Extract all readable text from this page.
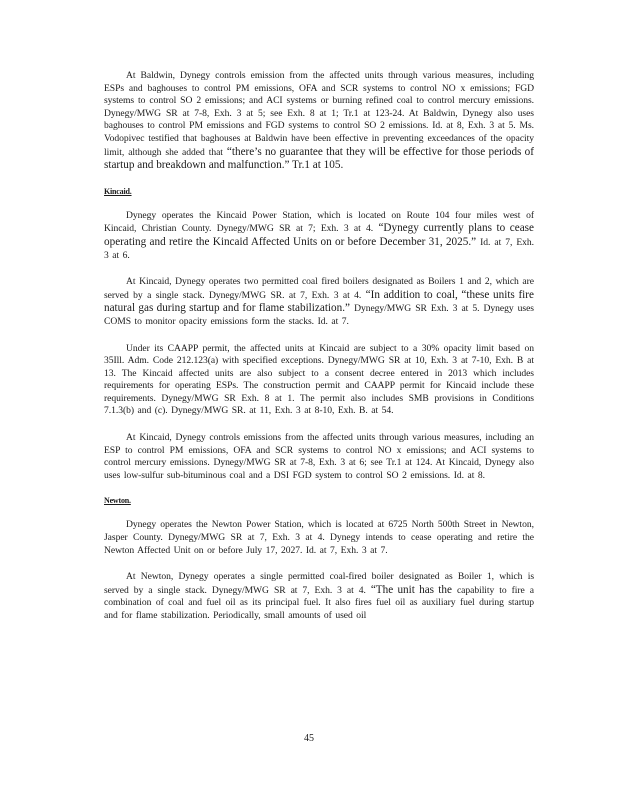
At Baldwin, Dynegy controls emission from the affected units through various measures, including ESPs and baghouses to control PM emissions, OFA and SCR systems to control NO x emissions; FGD systems to control SO 2 emissions; and ACI systems or burning refined coal to control mercury emissions. Dynegy/MWG SR at 7-8, Exh. 3 at 5; see Exh. 8 at 1; Tr.1 at 123-24. At Baldwin, Dynegy also uses baghouses to control PM emissions and FGD systems to control SO 2 emissions. Id. at 8, Exh. 3 at 5. Ms. Vodopivec testified that baghouses at Baldwin have been effective in preventing exceedances of the opacity limit, although she added that “there’s no guarantee that they will be effective for those periods of startup and breakdown and malfunction.” Tr.1 at 105.

Kincaid.

Dynegy operates the Kincaid Power Station, which is located on Route 104 four miles west of Kincaid, Christian County. Dynegy/MWG SR at 7; Exh. 3 at 4. “Dynegy currently plans to cease operating and retire the Kincaid Affected Units on or before December 31, 2025.” Id. at 7, Exh. 3 at 6.

At Kincaid, Dynegy operates two permitted coal fired boilers designated as Boilers 1 and 2, which are served by a single stack. Dynegy/MWG SR. at 7, Exh. 3 at 4. “In addition to coal, “these units fire natural gas during startup and for flame stabilization.” Dynegy/MWG SR Exh. 3 at 5. Dynegy uses COMS to monitor opacity emissions form the stacks. Id. at 7.

Under its CAAPP permit, the affected units at Kincaid are subject to a 30% opacity limit based on 35Ill. Adm. Code 212.123(a) with specified exceptions. Dynegy/MWG SR at 10, Exh. 3 at 7-10, Exh. B at 13. The Kincaid affected units are also subject to a consent decree entered in 2013 which includes requirements for operating ESPs. The construction permit and CAAPP permit for Kincaid include these requirements. Dynegy/MWG SR Exh. 8 at 1. The permit also includes SMB provisions in Conditions 7.1.3(b) and (c). Dynegy/MWG SR. at 11, Exh. 3 at 8-10, Exh. B. at 54.

At Kincaid, Dynegy controls emissions from the affected units through various measures, including an ESP to control PM emissions, OFA and SCR systems to control NO x emissions; and ACI systems to control mercury emissions. Dynegy/MWG SR at 7-8, Exh. 3 at 6; see Tr.1 at 124. At Kincaid, Dynegy also uses low-sulfur sub-bituminous coal and a DSI FGD system to control SO 2 emissions. Id. at 8.

Newton.

Dynegy operates the Newton Power Station, which is located at 6725 North 500th Street in Newton, Jasper County. Dynegy/MWG SR at 7, Exh. 3 at 4. Dynegy intends to cease operating and retire the Newton Affected Unit on or before July 17, 2027. Id. at 7, Exh. 3 at 7.

At Newton, Dynegy operates a single permitted coal-fired boiler designated as Boiler 1, which is served by a single stack. Dynegy/MWG SR at 7, Exh. 3 at 4. “The unit has the capability to fire a combination of coal and fuel oil as its principal fuel. It also fires fuel oil as auxiliary fuel during startup and for flame stabilization. Periodically, small amounts of used oil

45
